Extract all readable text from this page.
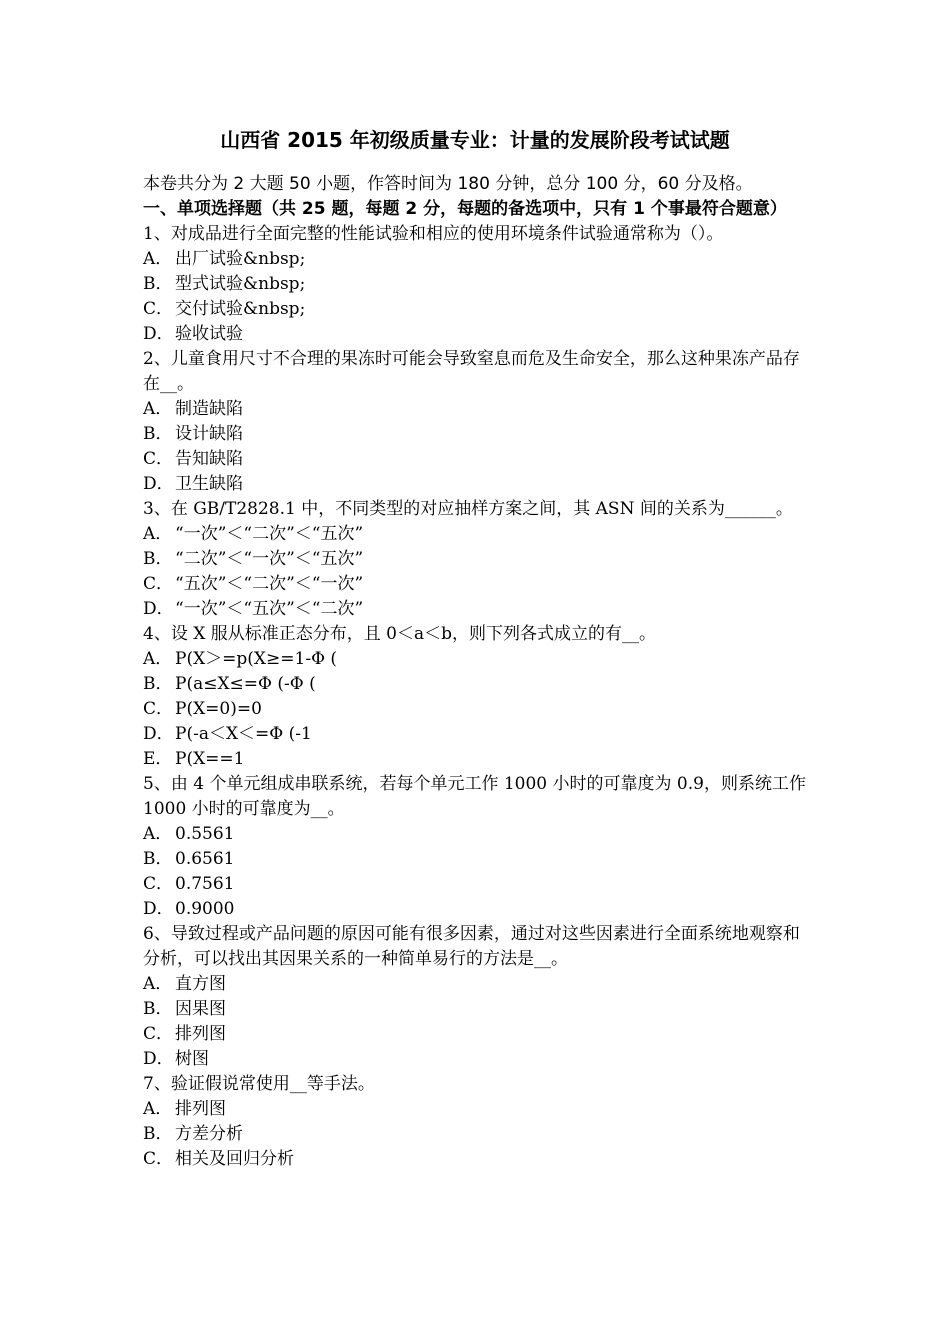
山西省 2015 年初级质量专业：计量的发展阶段考试试题
本卷共分为 2 大题 50 小题，作答时间为 180 分钟，总分 100 分，60 分及格。
一、单项选择题（共 25 题，每题 2 分，每题的备选项中，只有 1 个事最符合题意）
1、对成品进行全面完整的性能试验和相应的使用环境条件试验通常称为（）。
A． 出厂试验&nbsp;
B． 型式试验&nbsp;
C． 交付试验&nbsp;
D．验收试验
2、儿童食用尺寸不合理的果冻时可能会导致窒息而危及生命安全，那么这种果冻产品存在__。
A． 制造缺陷
B． 设计缺陷
C． 告知缺陷
D．卫生缺陷
3、在 GB/T2828.1 中，不同类型的对应抽样方案之间，其 ASN 间的关系为______。
A． “一次”＜“二次”＜“五次”
B． “二次”＜“一次”＜“五次”
C． “五次”＜“二次”＜“一次”
D．“一次”＜“五次”＜“二次”
4、设 X 服从标准正态分布，且 0＜a＜b，则下列各式成立的有__。
A． P(X＞=p(X≥=1-Φ (
B． P(a≤X≤=Φ (-Φ (
C． P(X=0)=0
D．P(-a＜X＜=Φ (-1
E． P(X==1
5、由 4 个单元组成串联系统，若每个单元工作 1000 小时的可靠度为 0.9，则系统工作 1000 小时的可靠度为__。
A． 0.5561
B． 0.6561
C． 0.7561
D．0.9000
6、导致过程或产品问题的原因可能有很多因素，通过对这些因素进行全面系统地观察和分析，可以找出其因果关系的一种简单易行的方法是__。
A． 直方图
B． 因果图
C． 排列图
D．树图
7、验证假说常使用__等手法。
A． 排列图
B． 方差分析
C． 相关及回归分析
